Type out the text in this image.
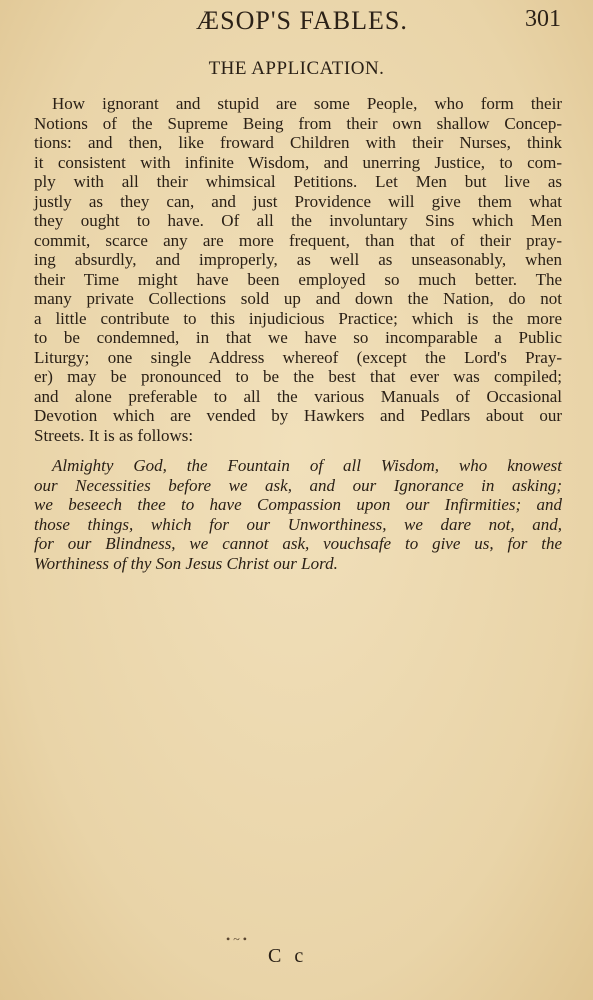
ÆSOP'S FABLES.	301
THE APPLICATION.
How ignorant and stupid are some People, who form their
Notions of the Supreme Being from their own shallow Concep-
tions: and then, like froward Children with their Nurses, think
it consistent with infinite Wisdom, and unerring Justice, to com-
ply with all their whimsical Petitions. Let Men but live as
justly as they can, and just Providence will give them what
they ought to have. Of all the involuntary Sins which Men
commit, scarce any are more frequent, than that of their pray-
ing absurdly, and improperly, as well as unseasonably, when
their Time might have been employed so much better. The
many private Collections sold up and down the Nation, do not
a little contribute to this injudicious Practice; which is the more
to be condemned, in that we have so incomparable a Public
Liturgy; one single Address whereof (except the Lord's Pray-
er) may be pronounced to be the best that ever was compiled;
and alone preferable to all the various Manuals of Occasional
Devotion which are vended by Hawkers and Pedlars about our
Streets. It is as follows:
Almighty God, the Fountain of all Wisdom, who knowest
our Necessities before we ask, and our Ignorance in asking;
we beseech thee to have Compassion upon our Infirmities; and
those things, which for our Unworthiness, we dare not, and,
for our Blindness, we cannot ask, vouchsafe to give us, for the
Worthiness of thy Son Jesus Christ our Lord.
• ~ •
C c
